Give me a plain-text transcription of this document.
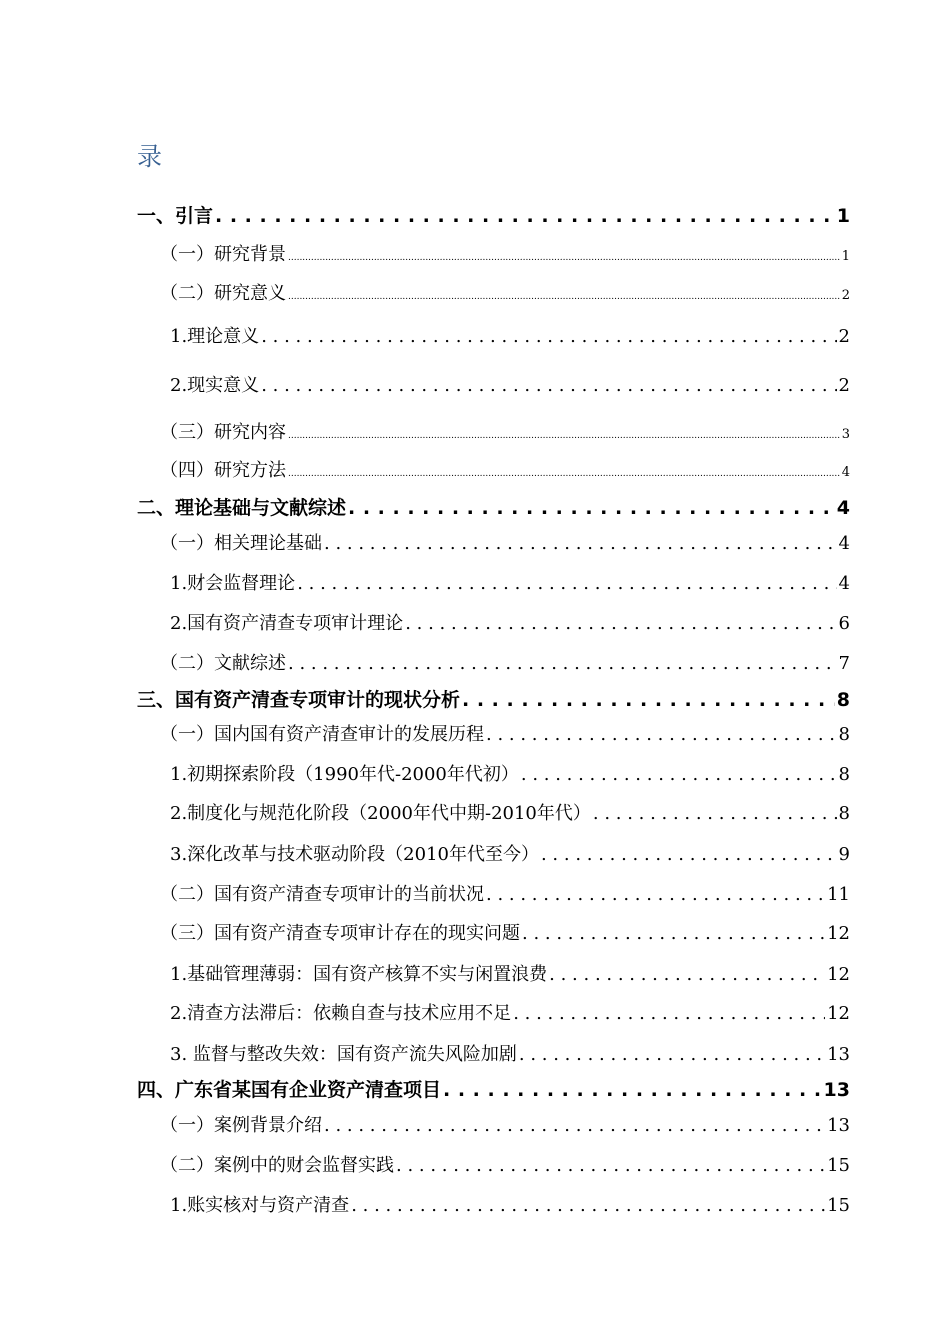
录
一、引言 . . .	1
（一）研究背景 .....	1
（二）研究意义 .....	2
1.理论意义 . . .	2
2.现实意义 . . .	2
（三）研究内容 .....	3
（四）研究方法 .....	4
二、理论基础与文献综述 . . .	4
（一）相关理论基础 . . .	4
1.财会监督理论 . . .	4
2.国有资产清查专项审计理论 . . .	6
（二）文献综述 . . .	7
三、国有资产清查专项审计的现状分析 . . .	8
（一）国内国有资产清查审计的发展历程 . . .	8
1.初期探索阶段（1990年代-2000年代初） . . .	8
2.制度化与规范化阶段（2000年代中期-2010年代） . . .	8
3.深化改革与技术驱动阶段（2010年代至今） . . .	9
（二）国有资产清查专项审计的当前状况 . . .	11
（三）国有资产清查专项审计存在的现实问题 . . .	12
1.基础管理薄弱：国有资产核算不实与闲置浪费 . . .	12
2.清查方法滞后：依赖自查与技术应用不足 . . .	12
3. 监督与整改失效：国有资产流失风险加剧 . . .	13
四、广东省某国有企业资产清查项目 . . .	13
（一）案例背景介绍 . . .	13
（二）案例中的财会监督实践 . . .	15
1.账实核对与资产清查 . . .	15
